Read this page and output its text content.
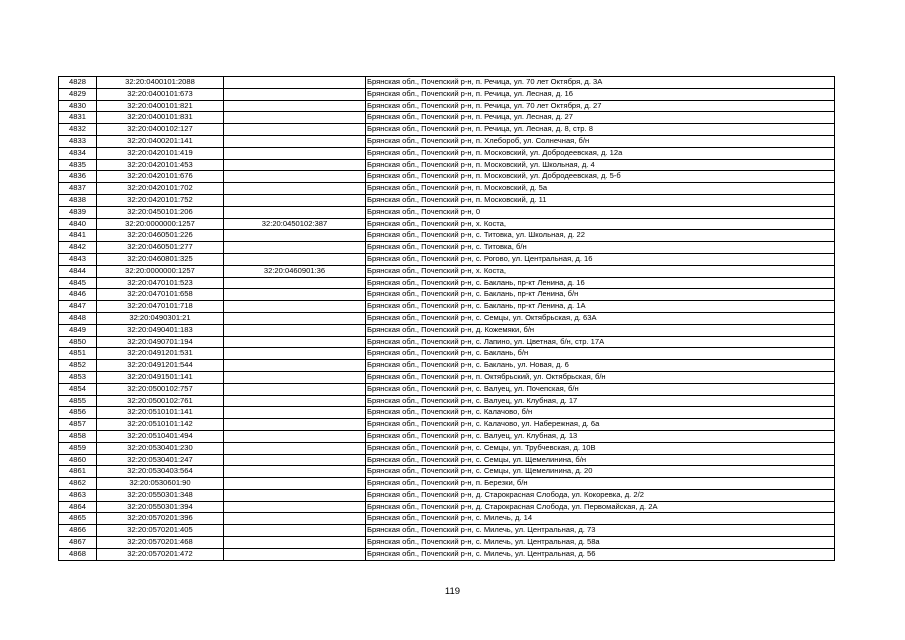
4828	32:20:0400101:2088		Брянская обл., Почепский р-н, п. Речица, ул. 70 лет Октября, д. 3А
4829	32:20:0400101:673		Брянская обл., Почепский р-н, п. Речица, ул. Лесная, д. 16
4830	32:20:0400101:821		Брянская обл., Почепский р-н, п. Речица, ул. 70 лет Октября, д. 27
4831	32:20:0400101:831		Брянская обл., Почепский р-н, п. Речица, ул. Лесная, д. 27
4832	32:20:0400102:127		Брянская обл., Почепский р-н, п. Речица, ул. Лесная, д. 8, стр. 8
4833	32:20:0400201:141		Брянская обл., Почепский р-н, п. Хлебороб, ул. Солнечная, б/н
4834	32:20:0420101:419		Брянская обл., Почепский р-н, п. Московский, ул. Добродеевская, д. 12а
4835	32:20:0420101:453		Брянская обл., Почепский р-н, п. Московский, ул. Школьная, д. 4
4836	32:20:0420101:676		Брянская обл., Почепский р-н, п. Московский, ул. Добродеевская, д. 5-б
4837	32:20:0420101:702		Брянская обл., Почепский р-н, п. Московский, д. 5а
4838	32:20:0420101:752		Брянская обл., Почепский р-н, п. Московский, д. 11
4839	32:20:0450101:206		Брянская обл., Почепский р-н, 0
4840	32:20:0000000:1257	32:20:0450102:387	Брянская обл., Почепский р-н, х. Коста,
4841	32:20:0460501:226		Брянская обл., Почепский р-н, с. Титовка, ул. Школьная, д. 22
4842	32:20:0460501:277		Брянская обл., Почепский р-н, с. Титовка, б/н
4843	32:20:0460801:325		Брянская обл., Почепский р-н, с. Рогово, ул. Центральная, д. 16
4844	32:20:0000000:1257	32:20:0460901:36	Брянская обл., Почепский р-н, х. Коста,
4845	32:20:0470101:523		Брянская обл., Почепский р-н, с. Баклань, пр-кт Ленина, д. 16
4846	32:20:0470101:658		Брянская обл., Почепский р-н, с. Баклань, пр-кт Ленина, б/н
4847	32:20:0470101:718		Брянская обл., Почепский р-н, с. Баклань, пр-кт Ленина, д. 1А
4848	32:20:0490301:21		Брянская обл., Почепский р-н, с. Семцы, ул. Октябрьская, д. 63А
4849	32:20:0490401:183		Брянская обл., Почепский р-н, д. Кожемяки, б/н
4850	32:20:0490701:194		Брянская обл., Почепский р-н, с. Лапино, ул. Цветная, б/н, стр. 17А
4851	32:20:0491201:531		Брянская обл., Почепский р-н, с. Баклань, б/н
4852	32:20:0491201:544		Брянская обл., Почепский р-н, с. Баклань, ул. Новая, д. 6
4853	32:20:0491501:141		Брянская обл., Почепский р-н, п. Октябрьский, ул. Октябрьская, б/н
4854	32:20:0500102:757		Брянская обл., Почепский р-н, с. Валуец, ул. Почепская, б/н
4855	32:20:0500102:761		Брянская обл., Почепский р-н, с. Валуец, ул. Клубная, д. 17
4856	32:20:0510101:141		Брянская обл., Почепский р-н, с. Калачово, б/н
4857	32:20:0510101:142		Брянская обл., Почепский р-н, с. Калачово, ул. Набережная, д. 6а
4858	32:20:0510401:494		Брянская обл., Почепский р-н, с. Валуец, ул. Клубная, д. 13
4859	32:20:0530401:230		Брянская обл., Почепский р-н, с. Семцы, ул. Трубчевская, д. 10В
4860	32:20:0530401:247		Брянская обл., Почепский р-н, с. Семцы, ул. Щемелинина, б/н
4861	32:20:0530403:564		Брянская обл., Почепский р-н, с. Семцы, ул. Щемелинина, д. 20
4862	32:20:0530601:90		Брянская обл., Почепский р-н, п. Березки, б/н
4863	32:20:0550301:348		Брянская обл., Почепский р-н, д. Старокрасная Слобода, ул. Кокоревка, д. 2/2
4864	32:20:0550301:394		Брянская обл., Почепский р-н, д. Старокрасная Слобода, ул. Первомайская, д. 2А
4865	32:20:0570201:396		Брянская обл., Почепский р-н, с. Милечь, д. 14
4866	32:20:0570201:405		Брянская обл., Почепский р-н, с. Милечь, ул. Центральная, д. 73
4867	32:20:0570201:468		Брянская обл., Почепский р-н, с. Милечь, ул. Центральная, д. 58а
4868	32:20:0570201:472		Брянская обл., Почепский р-н, с. Милечь, ул. Центральная, д. 56
119
